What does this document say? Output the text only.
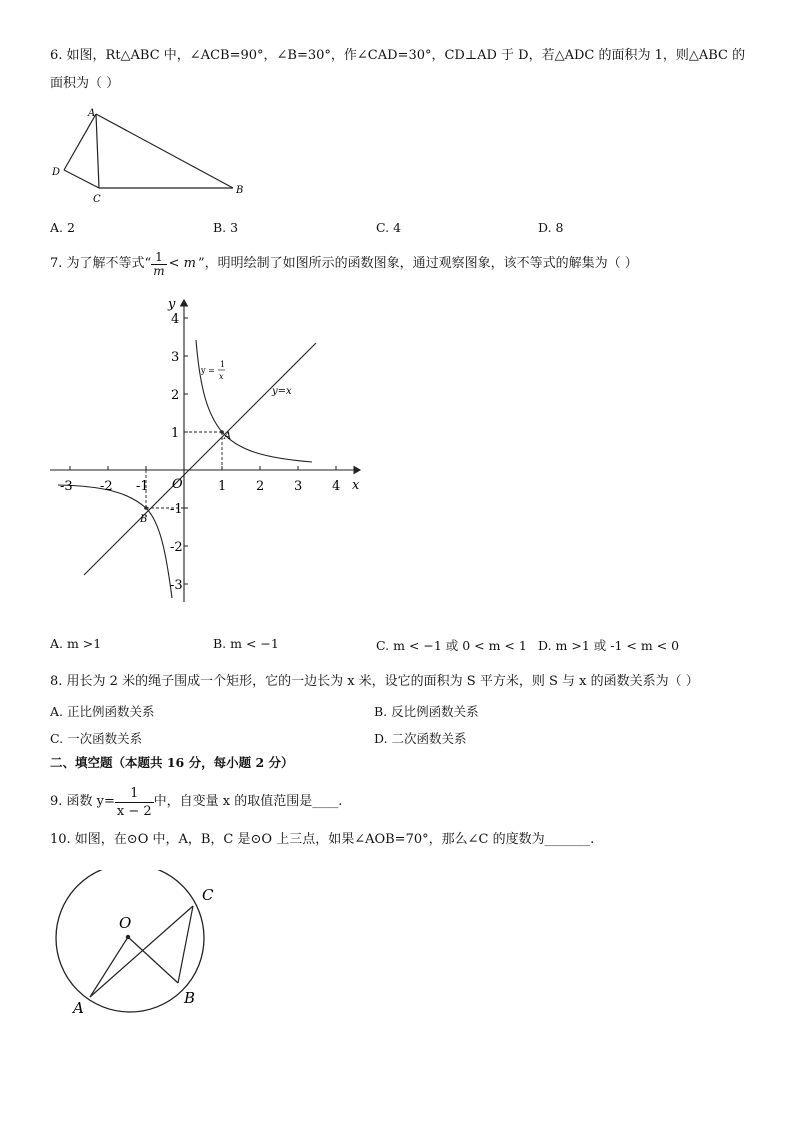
6. 如图，Rt△ABC 中，∠ACB=90°，∠B=30°，作∠CAD=30°，CD⊥AD 于 D，若△ADC 的面积为 1，则△ABC 的
面积为（ ）
A
D
C
B
A. 2	B. 3	C. 4	D. 8
7. 为了解不等式“ $\frac{1}{m} < m$ ”，明明绘制了如图所示的函数图象，通过观察图象，该不等式的解集为（ ）
-3 -2 -1	1 2 3 4
4
3
2
1
-1
-2
-3
O	x
y
A
B
y=x
y =
1
x
A. m >1	B. m < −1	C. m < −1 或 0 < m < 1 D. m >1 或 -1 < m < 0
8. 用长为 2 米的绳子围成一个矩形，它的一边长为 x 米，设它的面积为 S 平方米，则 S 与 x 的函数关系为（ ）
A. 正比例函数关系	B. 反比例函数关系
C. 一次函数关系	D. 二次函数关系
二、填空题（本题共 16 分，每小题 2 分）
9. 函数 $y= \frac{1}{x - 2}$ 中，自变量 x 的取值范围是____.
10. 如图，在⊙O 中，A，B，C 是⊙O 上三点，如果∠AOB=70°，那么∠C 的度数为_______.
O
A
B
C
